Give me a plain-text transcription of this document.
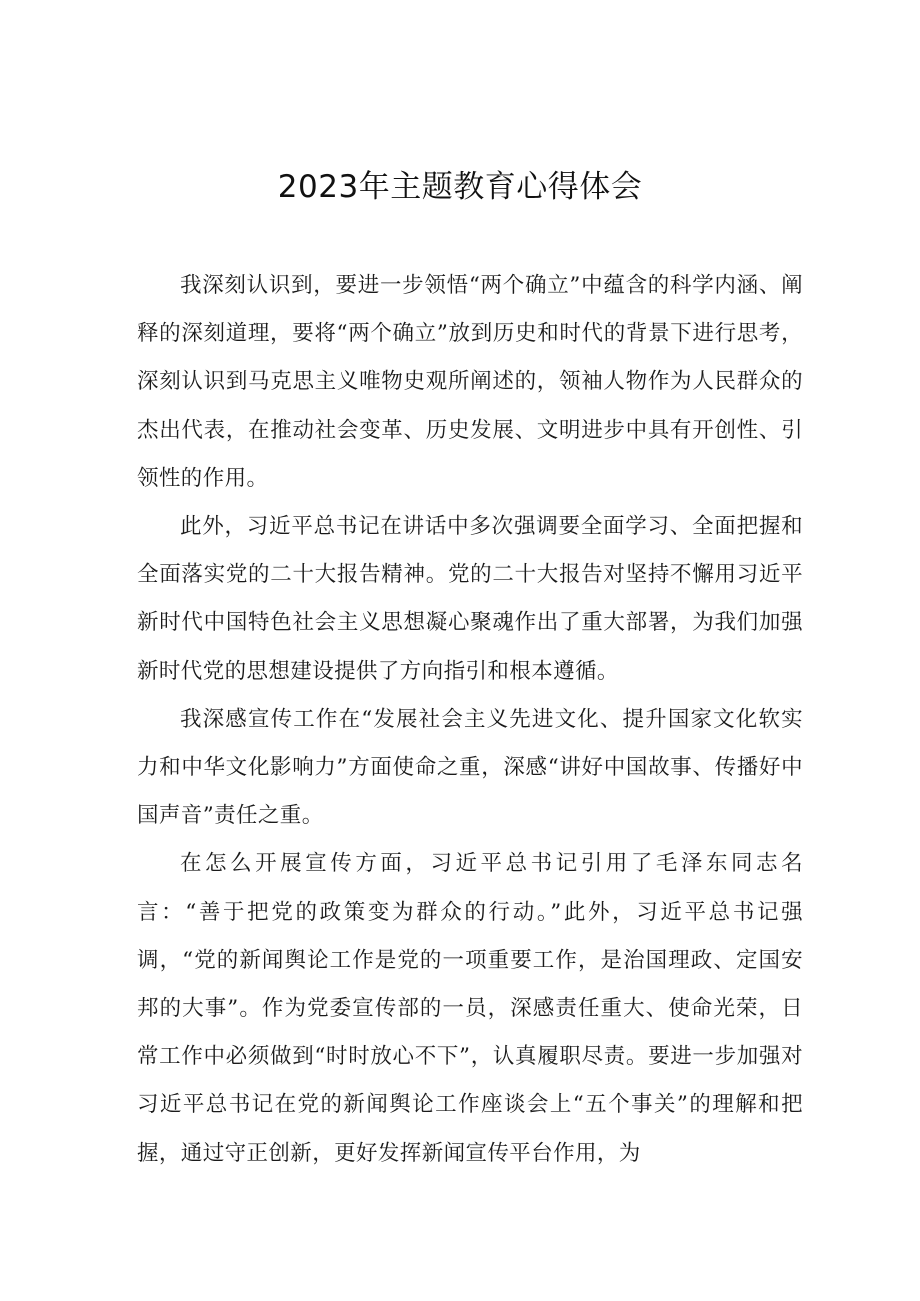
2023年主题教育心得体会

我深刻认识到，要进一步领悟“两个确立”中蕴含的科学内涵、阐释的深刻道理，要将“两个确立”放到历史和时代的背景下进行思考，深刻认识到马克思主义唯物史观所阐述的，领袖人物作为人民群众的杰出代表，在推动社会变革、历史发展、文明进步中具有开创性、引领性的作用。

此外，习近平总书记在讲话中多次强调要全面学习、全面把握和全面落实党的二十大报告精神。党的二十大报告对坚持不懈用习近平新时代中国特色社会主义思想凝心聚魂作出了重大部署，为我们加强新时代党的思想建设提供了方向指引和根本遵循。

我深感宣传工作在“发展社会主义先进文化、提升国家文化软实力和中华文化影响力”方面使命之重，深感“讲好中国故事、传播好中国声音”责任之重。

在怎么开展宣传方面，习近平总书记引用了毛泽东同志名言：“善于把党的政策变为群众的行动。”此外，习近平总书记强调，“党的新闻舆论工作是党的一项重要工作，是治国理政、定国安邦的大事”。作为党委宣传部的一员，深感责任重大、使命光荣，日常工作中必须做到“时时放心不下”，认真履职尽责。要进一步加强对习近平总书记在党的新闻舆论工作座谈会上“五个事关”的理解和把握，通过守正创新，更好发挥新闻宣传平台作用，为
